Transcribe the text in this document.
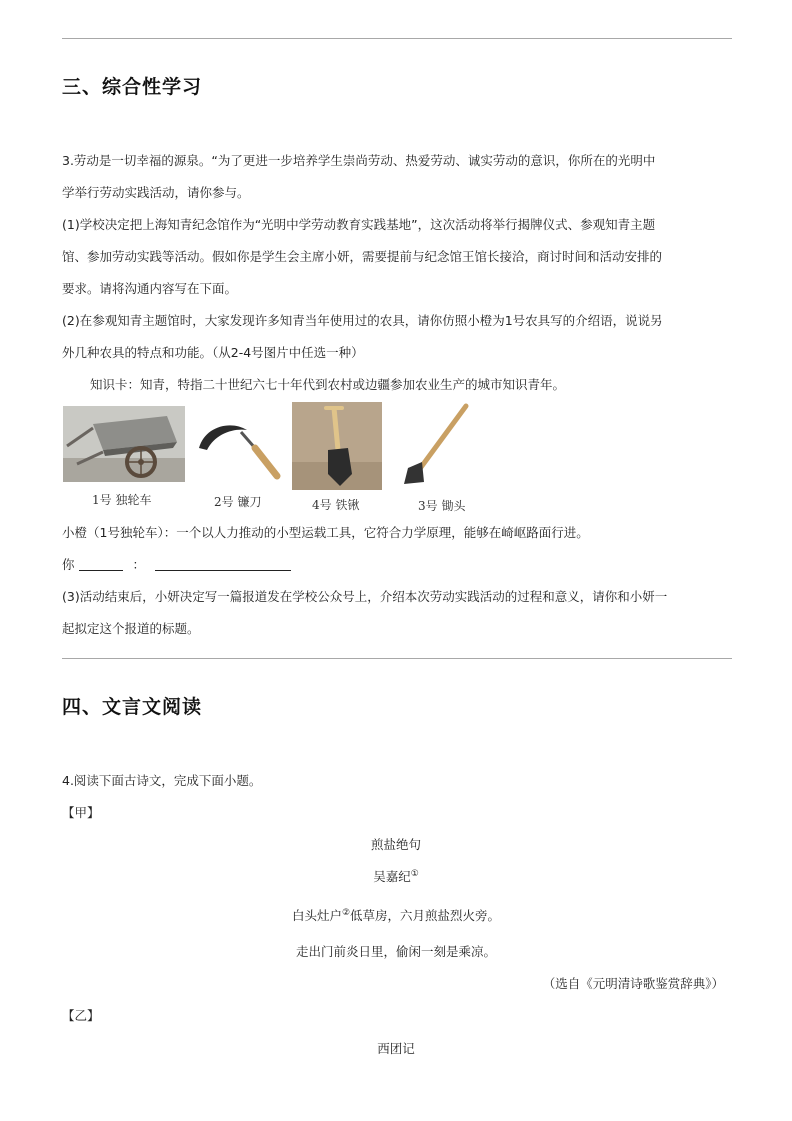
三、综合性学习
3.劳动是一切幸福的源泉。“为了更进一步培养学生崇尚劳动、热爱劳动、诚实劳动的意识，你所在的光明中
学举行劳动实践活动，请你参与。
(1)学校决定把上海知青纪念馆作为“光明中学劳动教育实践基地”，这次活动将举行揭牌仪式、参观知青主题
馆、参加劳动实践等活动。假如你是学生会主席小妍，需要提前与纪念馆王馆长接洽，商讨时间和活动安排的
要求。请将沟通内容写在下面。
(2)在参观知青主题馆时，大家发现许多知青当年使用过的农具，请你仿照小橙为1号农具写的介绍语，说说另
外几种农具的特点和功能。（从2-4号图片中任选一种）
知识卡：知青，特指二十世纪六七十年代到农村或边疆参加农业生产的城市知识青年。
1号 独轮车	2号 镰刀	4号 铁锹	3号 锄头
小橙（1号独轮车）：一个以人力推动的小型运载工具，它符合力学原理，能够在崎岖路面行进。
你	：
(3)活动结束后，小妍决定写一篇报道发在学校公众号上，介绍本次劳动实践活动的过程和意义，请你和小妍一
起拟定这个报道的标题。
四、文言文阅读
4.阅读下面古诗文，完成下面小题。
【甲】
煎盐绝句
吴嘉纪①
白头灶户②低草房，六月煎盐烈火旁。
走出门前炎日里，偷闲一刻是乘凉。
（选自《元明清诗歌鉴赏辞典》）
【乙】
西团记
